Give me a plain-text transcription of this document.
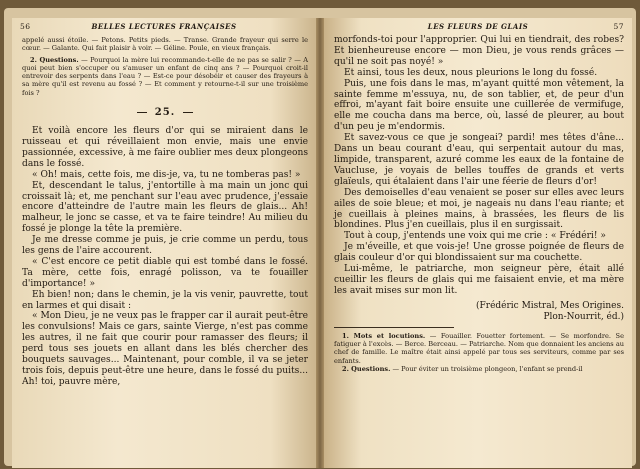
56	BELLES LECTURES FRANÇAISES

appelé aussi étoile. — Petons. Petits pieds. — Transe. Grande frayeur qui serre le cœur. — Galante. Qui fait plaisir à voir. — Géline. Poule, en vieux français.

2. Questions. — Pourquoi la mère lui recommande-t-elle de ne pas se salir ? — A quoi peut bien s'occuper ou s'amuser un enfant de cinq ans ? — Pourquoi croit-il entrevoir des serpents dans l'eau ? — Est-ce pour désobéir et causer des frayeurs à sa mère qu'il est revenu au fossé ? — Et comment y retourne-t-il sur une troisième fois ?

25.

Et voilà encore les fleurs d'or qui se miraient dans le ruisseau et qui réveillaient mon envie, mais une envie passionnée, excessive, à me faire oublier mes deux plongeons dans le fossé.

« Oh! mais, cette fois, me dis-je, va, tu ne tomberas pas! »

Et, descendant le talus, j'entortille à ma main un jonc qui croissait là; et, me penchant sur l'eau avec prudence, j'essaie encore d'atteindre de l'autre main les fleurs de glais... Ah! malheur, le jonc se casse, et va te faire teindre! Au milieu du fossé je plonge la tête la première.

Je me dresse comme je puis, je crie comme un perdu, tous les gens de l'aire accourent.

« C'est encore ce petit diable qui est tombé dans le fossé. Ta mère, cette fois, enragé polisson, va te fouailler d'importance! »

Eh bien! non; dans le chemin, je la vis venir, pauvrette, tout en larmes et qui disait :

« Mon Dieu, je ne veux pas le frapper car il aurait peut-être les convulsions! Mais ce gars, sainte Vierge, n'est pas comme les autres, il ne fait que courir pour ramasser des fleurs; il perd tous ses jouets en allant dans les blés chercher des bouquets sauvages... Maintenant, pour comble, il va se jeter trois fois, depuis peut-être une heure, dans le fossé du puits... Ah! toi, pauvre mère,

LES FLEURS DE GLAIS	57

morfonds-toi pour l'approprier. Qui lui en tiendrait, des robes? Et bienheureuse encore — mon Dieu, je vous rends grâces — qu'il ne soit pas noyé! »

Et ainsi, tous les deux, nous pleurions le long du fossé.

Puis, une fois dans le mas, m'ayant quitté mon vêtement, la sainte femme m'essuya, nu, de son tablier, et, de peur d'un effroi, m'ayant fait boire ensuite une cuillerée de vermifuge, elle me coucha dans ma berce, où, lassé de pleurer, au bout d'un peu je m'endormis.

Et savez-vous ce que je songeai? pardi! mes têtes d'âne... Dans un beau courant d'eau, qui serpentait autour du mas, limpide, transparent, azuré comme les eaux de la fontaine de Vaucluse, je voyais de belles touffes de grands et verts glaïeuls, qui étalaient dans l'air une féerie de fleurs d'or!

Des demoiselles d'eau venaient se poser sur elles avec leurs ailes de soie bleue; et moi, je nageais nu dans l'eau riante; et je cueillais à pleines mains, à brassées, les fleurs de lis blondines. Plus j'en cueillais, plus il en surgissait.

Tout à coup, j'entends une voix qui me crie : « Frédéri! »

Je m'éveille, et que vois-je! Une grosse poignée de fleurs de glais couleur d'or qui blondissaient sur ma couchette.

Lui-même, le patriarche, mon seigneur père, était allé cueillir les fleurs de glais qui me faisaient envie, et ma mère les avait mises sur mon lit.

(Frédéric Mistral, Mes Origines.

Plon-Nourrit, éd.)

1. Mots et locutions. — Fouailler. Fouetter fortement. — Se morfondre. Se fatiguer à l'excès. — Berce. Berceau. — Patriarche. Nom que donnaient les anciens au chef de famille. Le maître était ainsi appelé par tous ses serviteurs, comme par ses enfants.

2. Questions. — Pour éviter un troisième plongeon, l'enfant se prend-il
